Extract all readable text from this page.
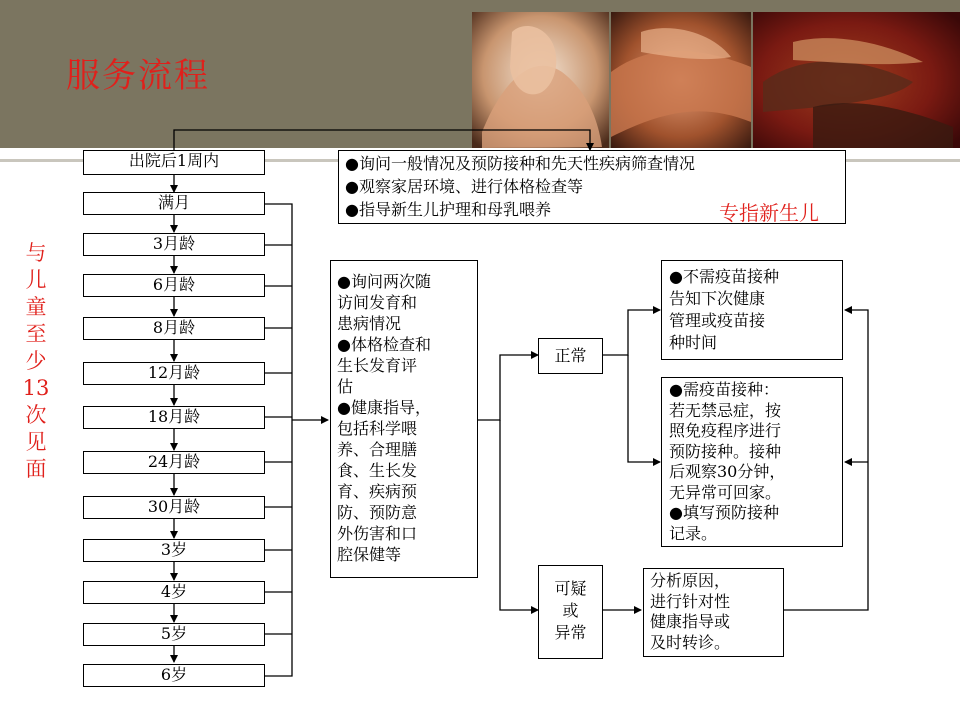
服务流程
出院后1周内
满月
3月龄
6月龄
8月龄
12月龄
18月龄
24月龄
30月龄
3岁
4岁
5岁
6岁
与儿童至少13次见面
●询问一般情况及预防接种和先天性疾病筛查情况
●观察家居环境、进行体格检查等
●指导新生儿护理和母乳喂养	专指新生儿
●询问两次随
访间发育和
患病情况
●体格检查和
生长发育评
估
●健康指导，
包括科学喂
养、合理膳
食、生长发
育、疾病预
防、预防意
外伤害和口
腔保健等
正常
可疑
或
异常
●不需疫苗接种
告知下次健康
管理或疫苗接
种时间
●需疫苗接种：
若无禁忌症，按
照免疫程序进行
预防接种。接种
后观察30分钟，
无异常可回家。
●填写预防接种
记录。
分析原因，
进行针对性
健康指导或
及时转诊。
